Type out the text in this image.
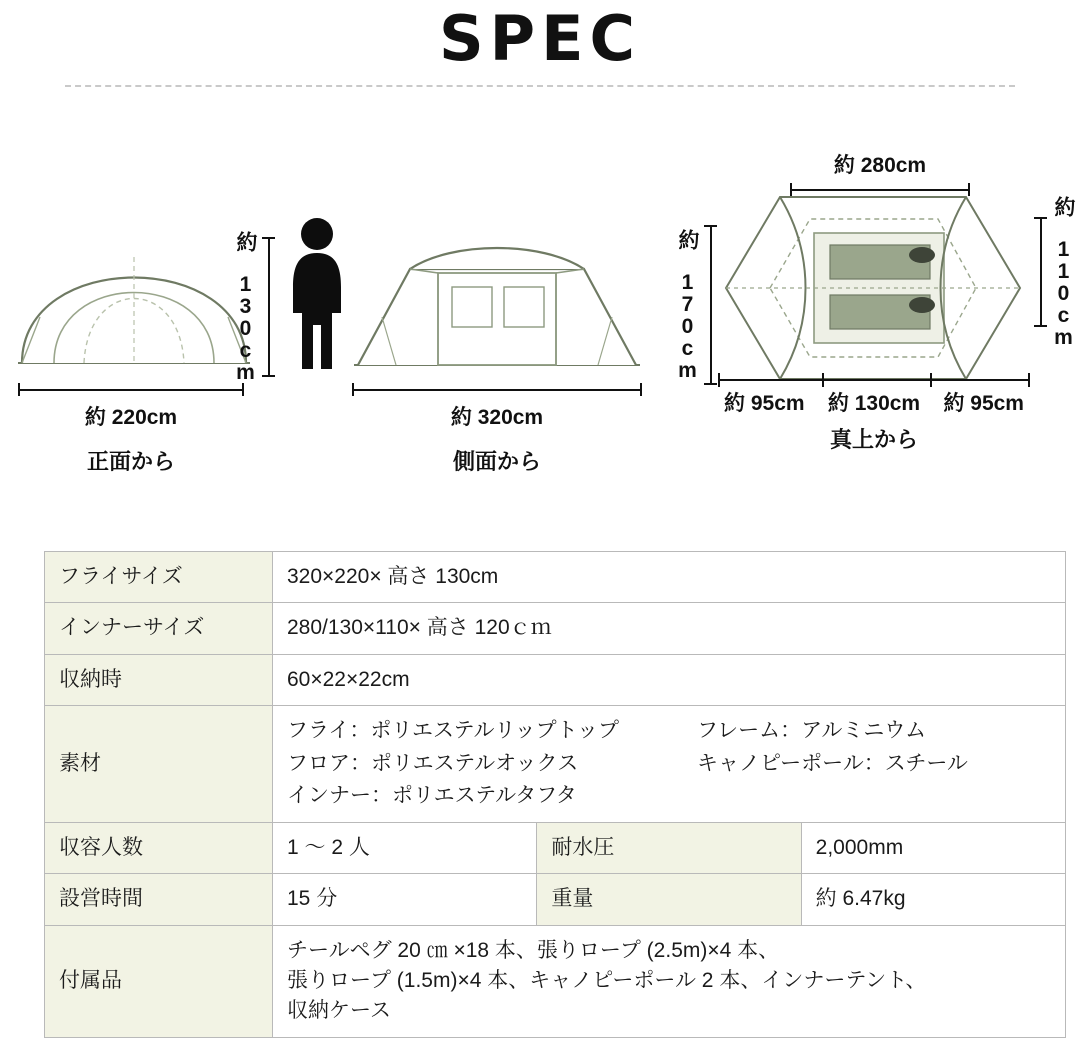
SPEC
約 220cm
正面から
約 130cm
約 320cm
側面から
約 280cm
約 170cm	約 110cm
約 95cm 約 130cm 約 95cm
真上から
フライサイズ	320×220× 高さ 130cm		
インナーサイズ	280/130×110× 高さ 120ｃｍ		
収納時	60×22×22cm		
素材	フライ：ポリエステルリップトップ フレーム：アルミニウム
フロア：ポリエステルオックス キャノピーポール：スチール
インナー：ポリエステルタフタ		

収容人数	1 ～ 2 人	耐水圧	2,000mm
設営時間	15 分	重量	約 6.47kg
付属品	チールペグ 20 ㎝ ×18 本、張りロープ (2.5m)×4 本、
張りロープ (1.5m)×4 本、キャノピーポール 2 本、インナーテント、
収納ケース		
